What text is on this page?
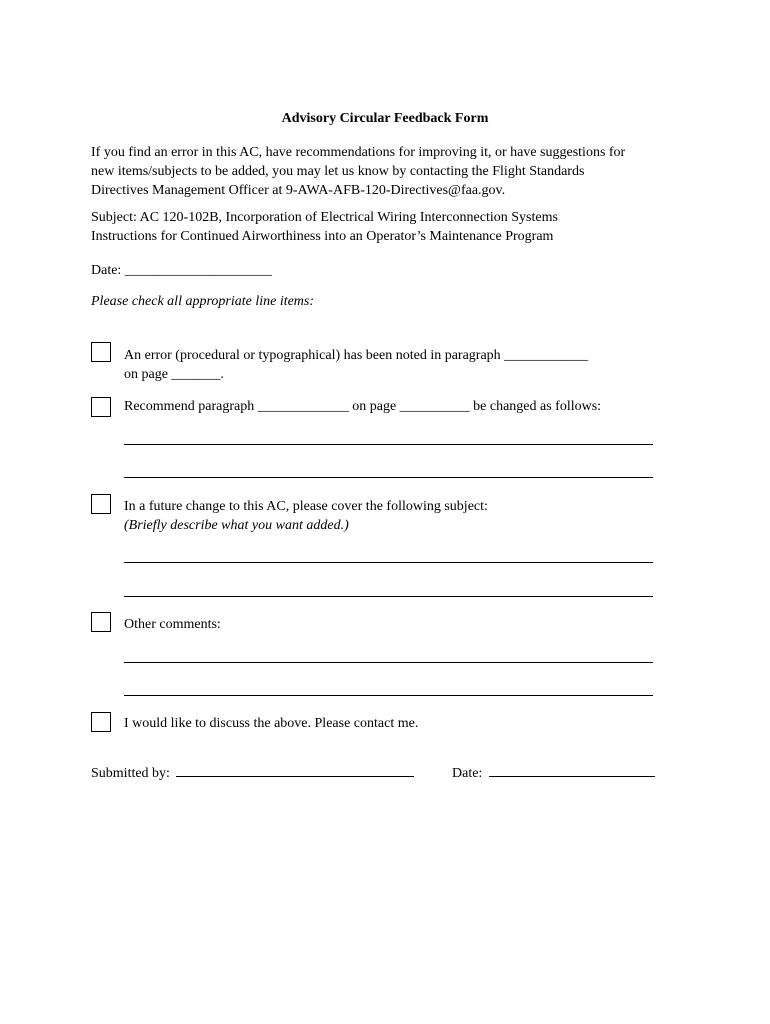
Advisory Circular Feedback Form
If you find an error in this AC, have recommendations for improving it, or have suggestions for
new items/subjects to be added, you may let us know by contacting the Flight Standards
Directives Management Officer at 9-AWA-AFB-120-Directives@faa.gov.
Subject: AC 120-102B, Incorporation of Electrical Wiring Interconnection Systems
Instructions for Continued Airworthiness into an Operator’s Maintenance Program
Date: _____________________
Please check all appropriate line items:
An error (procedural or typographical) has been noted in paragraph ____________
on page _______.
Recommend paragraph _____________ on page __________ be changed as follows:
In a future change to this AC, please cover the following subject:
(Briefly describe what you want added.)
Other comments:
I would like to discuss the above. Please contact me.
Submitted by:	Date:
